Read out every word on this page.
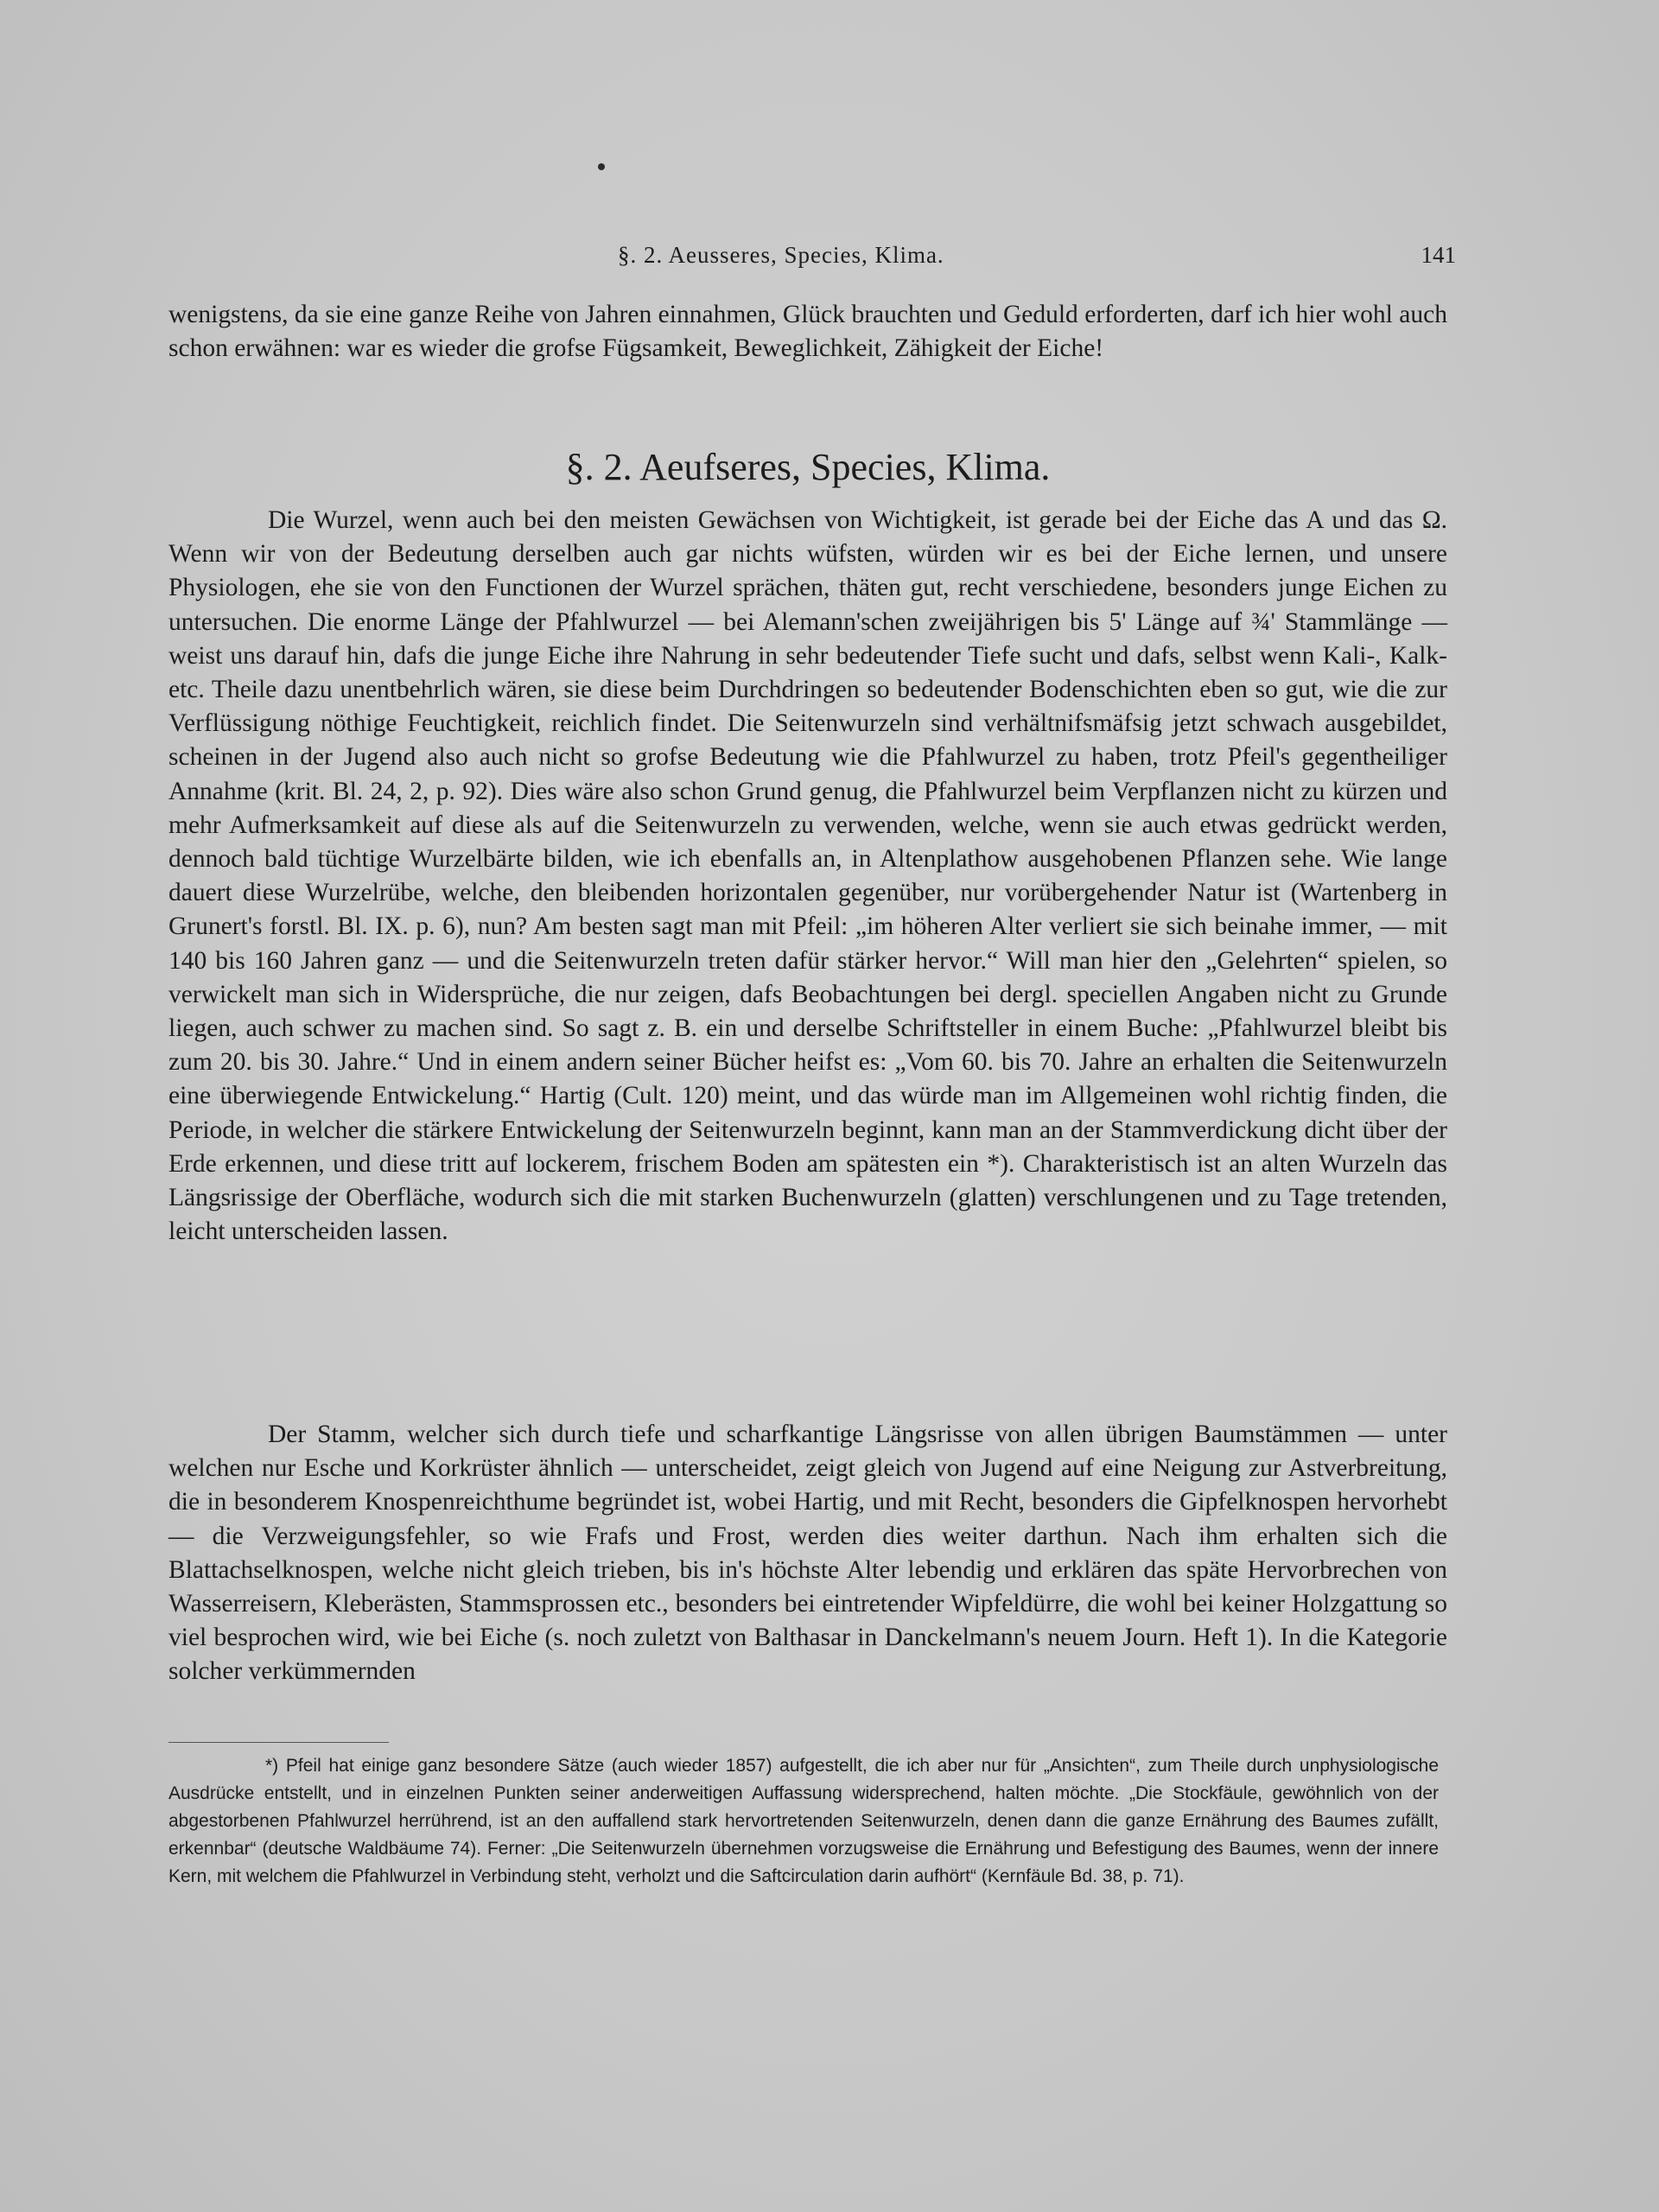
§. 2. Aeusseres, Species, Klima.	141
wenigstens, da sie eine ganze Reihe von Jahren einnahmen, Glück brauchten und Geduld erforderten, darf ich hier wohl auch schon erwähnen: war es wieder die grofse Fügsamkeit, Beweglichkeit, Zähigkeit der Eiche!
§. 2. Aeufseres, Species, Klima.
Die Wurzel, wenn auch bei den meisten Gewächsen von Wichtigkeit, ist gerade bei der Eiche das A und das Ω. Wenn wir von der Bedeutung derselben auch gar nichts wüfsten, würden wir es bei der Eiche lernen, und unsere Physiologen, ehe sie von den Functionen der Wurzel sprächen, thäten gut, recht verschiedene, besonders junge Eichen zu untersuchen. Die enorme Länge der Pfahlwurzel — bei Alemann'schen zweijährigen bis 5' Länge auf ¾' Stammlänge — weist uns darauf hin, dafs die junge Eiche ihre Nahrung in sehr bedeutender Tiefe sucht und dafs, selbst wenn Kali-, Kalk- etc. Theile dazu unentbehrlich wären, sie diese beim Durchdringen so bedeutender Bodenschichten eben so gut, wie die zur Verflüssigung nöthige Feuchtigkeit, reichlich findet. Die Seitenwurzeln sind verhältnifsmäfsig jetzt schwach ausgebildet, scheinen in der Jugend also auch nicht so grofse Bedeutung wie die Pfahlwurzel zu haben, trotz Pfeil's gegentheiliger Annahme (krit. Bl. 24, 2, p. 92). Dies wäre also schon Grund genug, die Pfahlwurzel beim Verpflanzen nicht zu kürzen und mehr Aufmerksamkeit auf diese als auf die Seitenwurzeln zu verwenden, welche, wenn sie auch etwas gedrückt werden, dennoch bald tüchtige Wurzelbärte bilden, wie ich ebenfalls an, in Altenplathow ausgehobenen Pflanzen sehe. Wie lange dauert diese Wurzelrübe, welche, den bleibenden horizontalen gegenüber, nur vorübergehender Natur ist (Wartenberg in Grunert's forstl. Bl. IX. p. 6), nun? Am besten sagt man mit Pfeil: „im höheren Alter verliert sie sich beinahe immer, — mit 140 bis 160 Jahren ganz — und die Seitenwurzeln treten dafür stärker hervor.“ Will man hier den „Gelehrten“ spielen, so verwickelt man sich in Widersprüche, die nur zeigen, dafs Beobachtungen bei dergl. speciellen Angaben nicht zu Grunde liegen, auch schwer zu machen sind. So sagt z. B. ein und derselbe Schriftsteller in einem Buche: „Pfahlwurzel bleibt bis zum 20. bis 30. Jahre.“ Und in einem andern seiner Bücher heifst es: „Vom 60. bis 70. Jahre an erhalten die Seitenwurzeln eine überwiegende Entwickelung.“ Hartig (Cult. 120) meint, und das würde man im Allgemeinen wohl richtig finden, die Periode, in welcher die stärkere Entwickelung der Seitenwurzeln beginnt, kann man an der Stammverdickung dicht über der Erde erkennen, und diese tritt auf lockerem, frischem Boden am spätesten ein *). Charakteristisch ist an alten Wurzeln das Längsrissige der Oberfläche, wodurch sich die mit starken Buchenwurzeln (glatten) verschlungenen und zu Tage tretenden, leicht unterscheiden lassen.
Der Stamm, welcher sich durch tiefe und scharfkantige Längsrisse von allen übrigen Baumstämmen — unter welchen nur Esche und Korkrüster ähnlich — unterscheidet, zeigt gleich von Jugend auf eine Neigung zur Astverbreitung, die in besonderem Knospenreichthume begründet ist, wobei Hartig, und mit Recht, besonders die Gipfelknospen hervorhebt — die Verzweigungsfehler, so wie Frafs und Frost, werden dies weiter darthun. Nach ihm erhalten sich die Blattachselknospen, welche nicht gleich trieben, bis in's höchste Alter lebendig und erklären das späte Hervorbrechen von Wasserreisern, Kleberästen, Stammsprossen etc., besonders bei eintretender Wipfeldürre, die wohl bei keiner Holzgattung so viel besprochen wird, wie bei Eiche (s. noch zuletzt von Balthasar in Danckelmann's neuem Journ. Heft 1). In die Kategorie solcher verkümmernden
*) Pfeil hat einige ganz besondere Sätze (auch wieder 1857) aufgestellt, die ich aber nur für „Ansichten“, zum Theile durch unphysiologische Ausdrücke entstellt, und in einzelnen Punkten seiner anderweitigen Auffassung widersprechend, halten möchte. „Die Stockfäule, gewöhnlich von der abgestorbenen Pfahlwurzel herrührend, ist an den auffallend stark hervortretenden Seitenwurzeln, denen dann die ganze Ernährung des Baumes zufällt, erkennbar“ (deutsche Waldbäume 74). Ferner: „Die Seitenwurzeln übernehmen vorzugsweise die Ernährung und Befestigung des Baumes, wenn der innere Kern, mit welchem die Pfahlwurzel in Verbindung steht, verholzt und die Saftcirculation darin aufhört“ (Kernfäule Bd. 38, p. 71).
